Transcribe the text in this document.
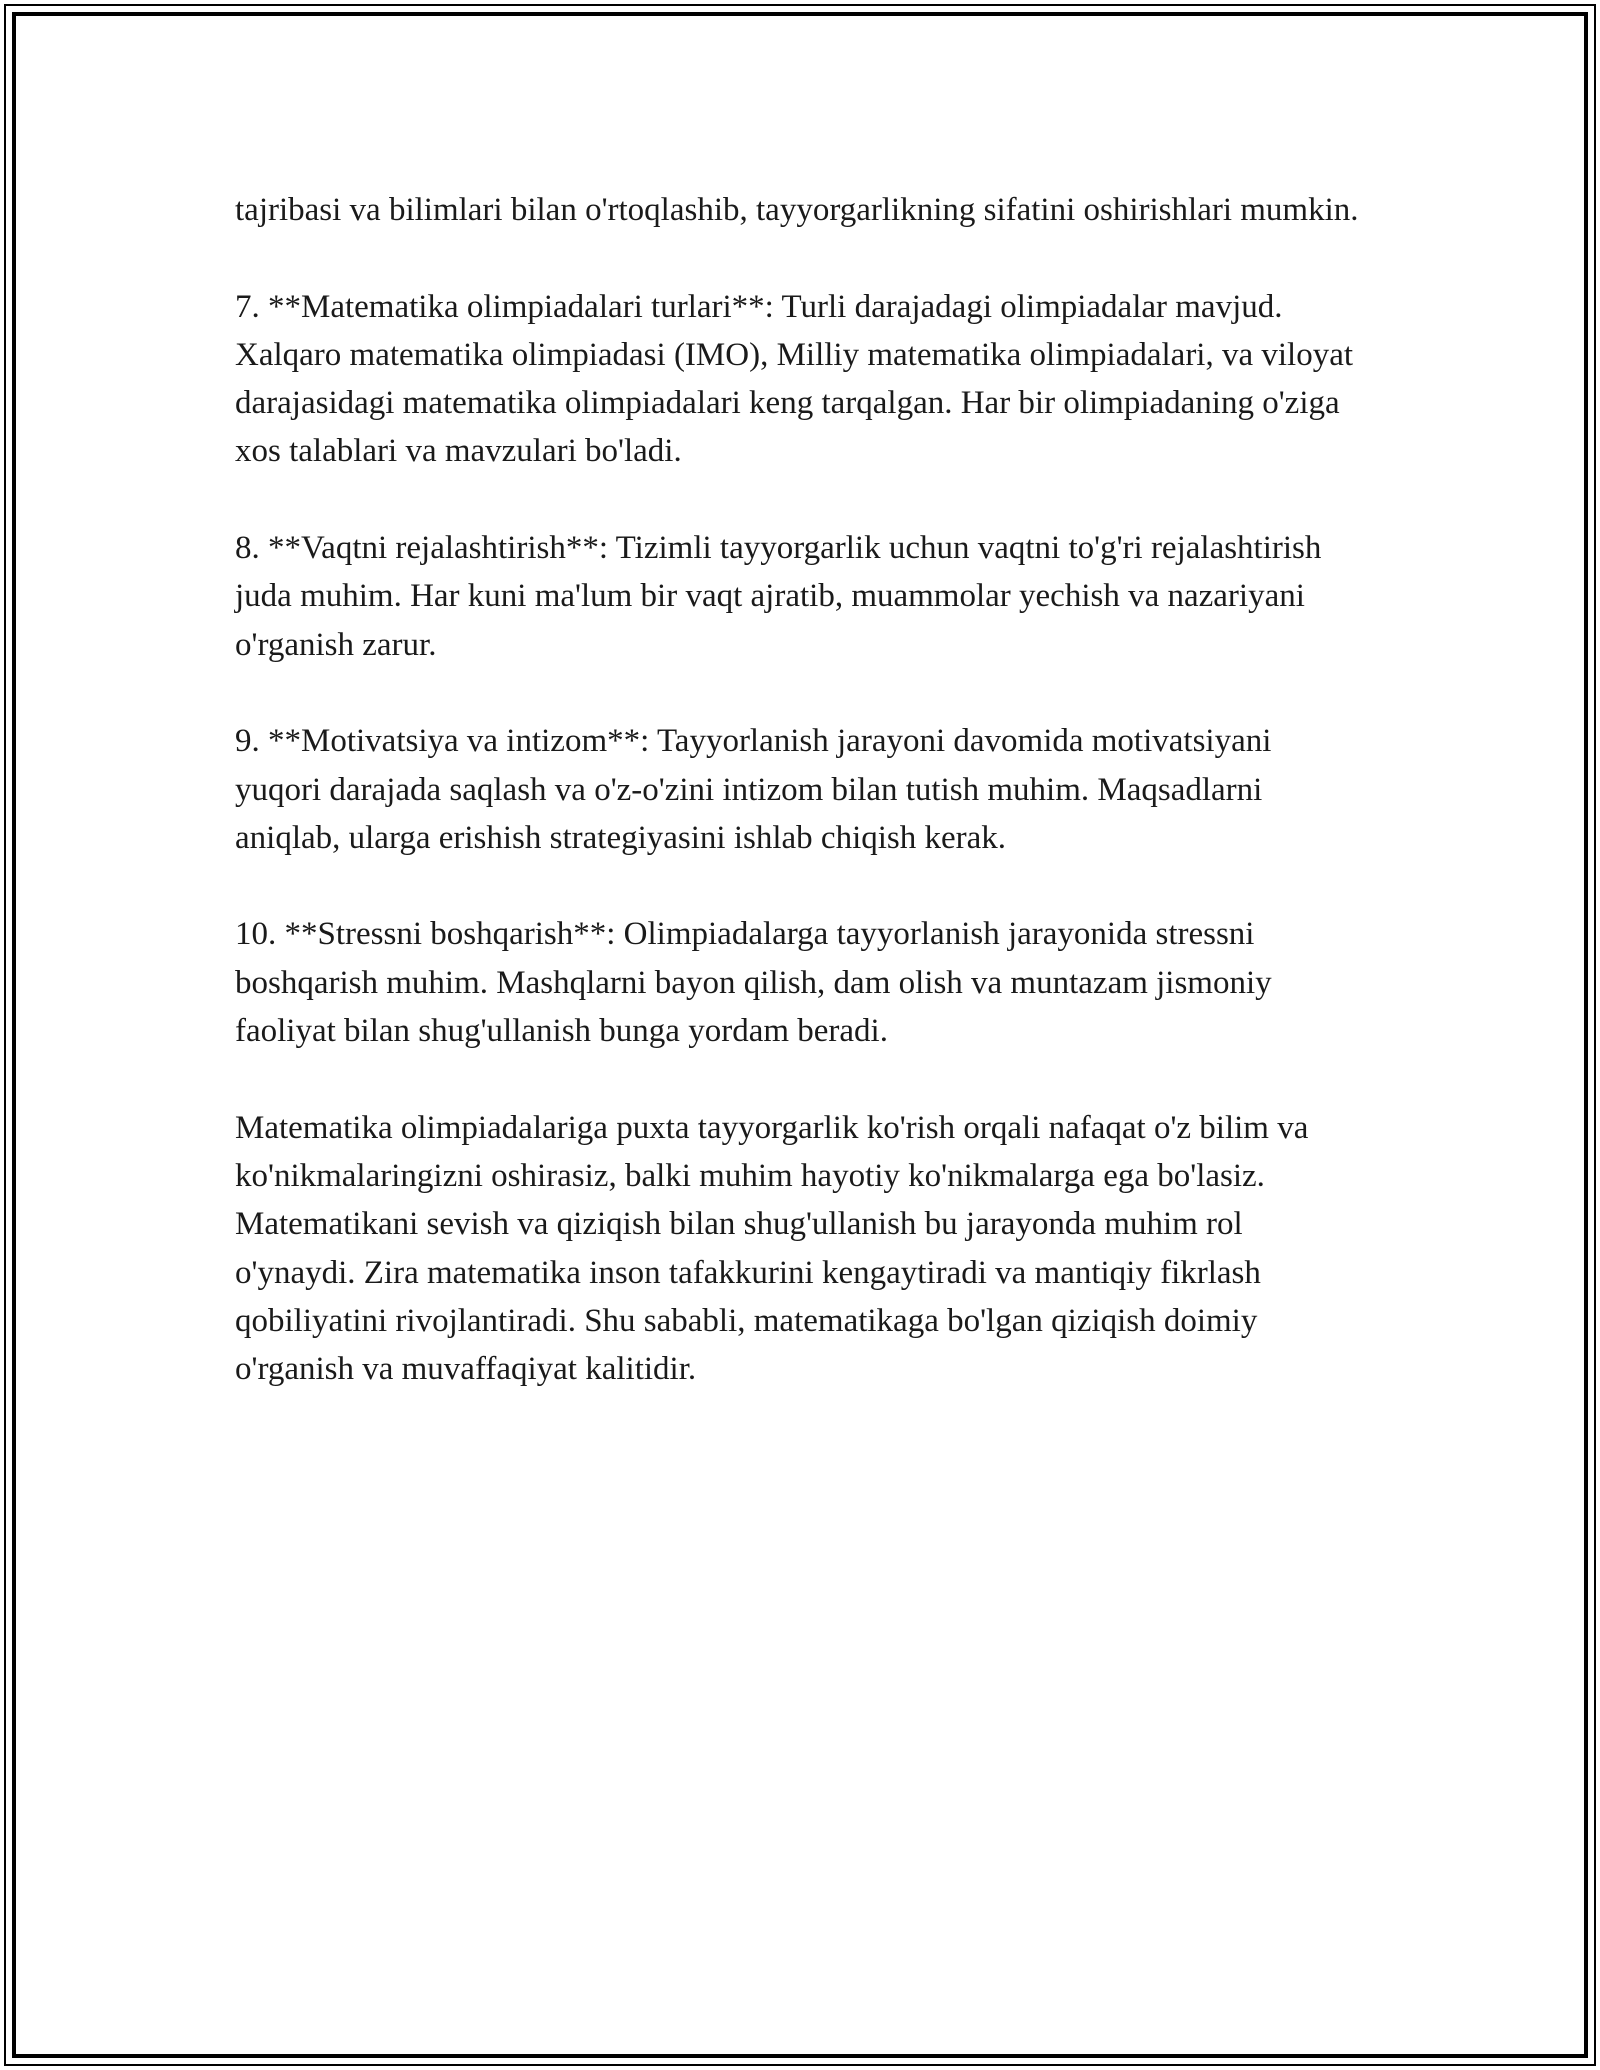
tajribasi va bilimlari bilan o'rtoqlashib, tayyorgarlikning sifatini oshirishlari mumkin.

7. **Matematika olimpiadalari turlari**: Turli darajadagi olimpiadalar mavjud. Xalqaro matematika olimpiadasi (IMO), Milliy matematika olimpiadalari, va viloyat darajasidagi matematika olimpiadalari keng tarqalgan. Har bir olimpiadaning o'ziga xos talablari va mavzulari bo'ladi.

8. **Vaqtni rejalashtirish**: Tizimli tayyorgarlik uchun vaqtni to'g'ri rejalashtirish juda muhim. Har kuni ma'lum bir vaqt ajratib, muammolar yechish va nazariyani o'rganish zarur.

9. **Motivatsiya va intizom**: Tayyorlanish jarayoni davomida motivatsiyani yuqori darajada saqlash va o'z-o'zini intizom bilan tutish muhim. Maqsadlarni aniqlab, ularga erishish strategiyasini ishlab chiqish kerak.

10. **Stressni boshqarish**: Olimpiadalarga tayyorlanish jarayonida stressni boshqarish muhim. Mashqlarni bayon qilish, dam olish va muntazam jismoniy faoliyat bilan shug'ullanish bunga yordam beradi.

Matematika olimpiadalariga puxta tayyorgarlik ko'rish orqali nafaqat o'z bilim va ko'nikmalaringizni oshirasiz, balki muhim hayotiy ko'nikmalarga ega bo'lasiz. Matematikani sevish va qiziqish bilan shug'ullanish bu jarayonda muhim rol o'ynaydi. Zira matematika inson tafakkurini kengaytiradi va mantiqiy fikrlash qobiliyatini rivojlantiradi. Shu sababli, matematikaga bo'lgan qiziqish doimiy o'rganish va muvaffaqiyat kalitidir.
